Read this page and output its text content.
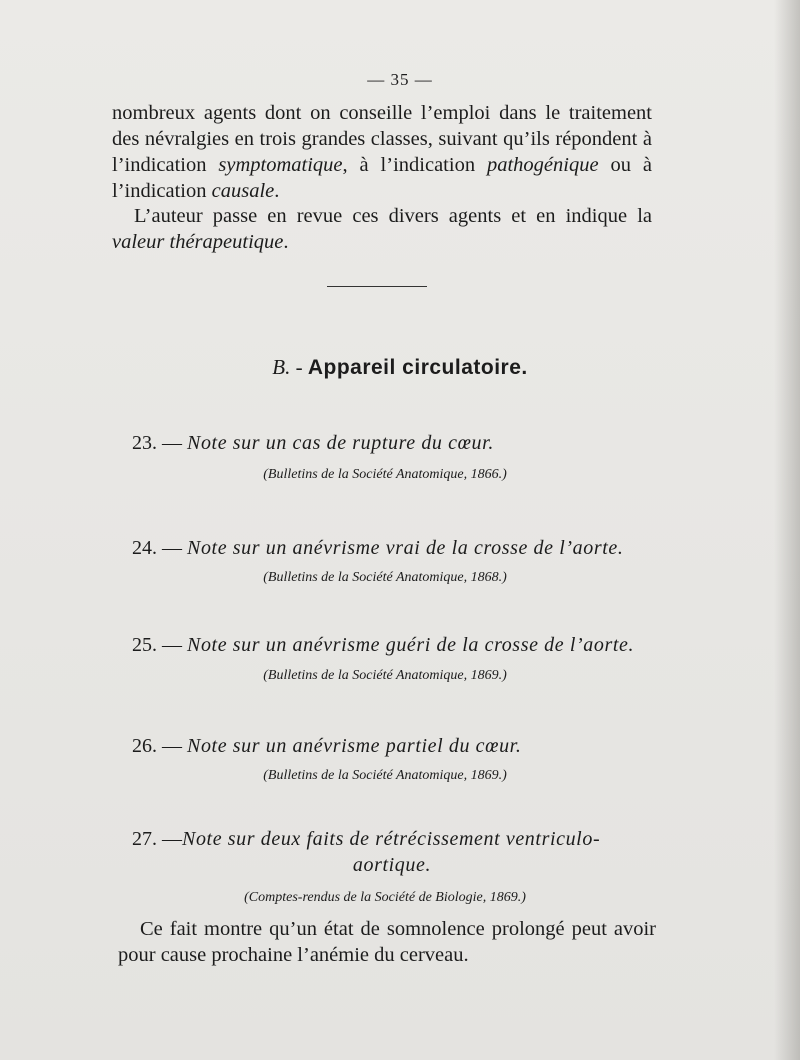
— 35 —
nombreux agents dont on conseille l’emploi dans le traitement des névralgies en trois grandes classes, suivant qu’ils répondent à l’indication symptomatique, à l’indication pathogénique ou à l’indication causale.
L’auteur passe en revue ces divers agents et en indique la valeur thérapeutique.
B. - Appareil circulatoire.
23. — Note sur un cas de rupture du cœur.
(Bulletins de la Société Anatomique, 1866.)
24. — Note sur un anévrisme vrai de la crosse de l’aorte.
(Bulletins de la Société Anatomique, 1868.)
25. — Note sur un anévrisme guéri de la crosse de l’aorte.
(Bulletins de la Société Anatomique, 1869.)
26. — Note sur un anévrisme partiel du cœur.
(Bulletins de la Société Anatomique, 1869.)
27. —Note sur deux faits de rétrécissement ventriculo-
aortique.
(Comptes-rendus de la Société de Biologie, 1869.)
Ce fait montre qu’un état de somnolence prolongé peut avoir pour cause prochaine l’anémie du cerveau.
